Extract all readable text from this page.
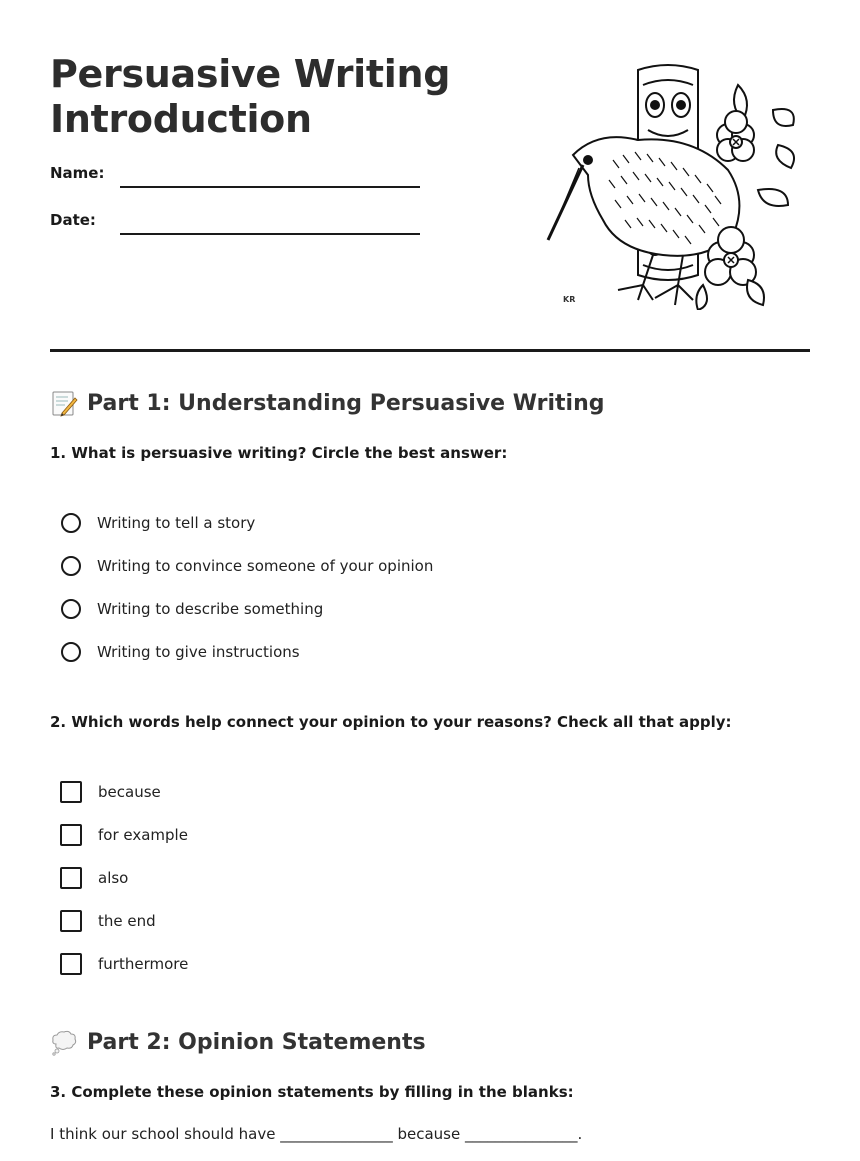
Persuasive Writing
Introduction
Name:
Date:
KR
Part 1: Understanding Persuasive Writing

1. What is persuasive writing? Circle the best answer:

Writing to tell a story
Writing to convince someone of your opinion
Writing to describe something
Writing to give instructions

2. Which words help connect your opinion to your reasons? Check all that apply:

because
for example
also
the end
furthermore
Part 2: Opinion Statements

3. Complete these opinion statements by filling in the blanks:

I think our school should have _______________ because _______________.
